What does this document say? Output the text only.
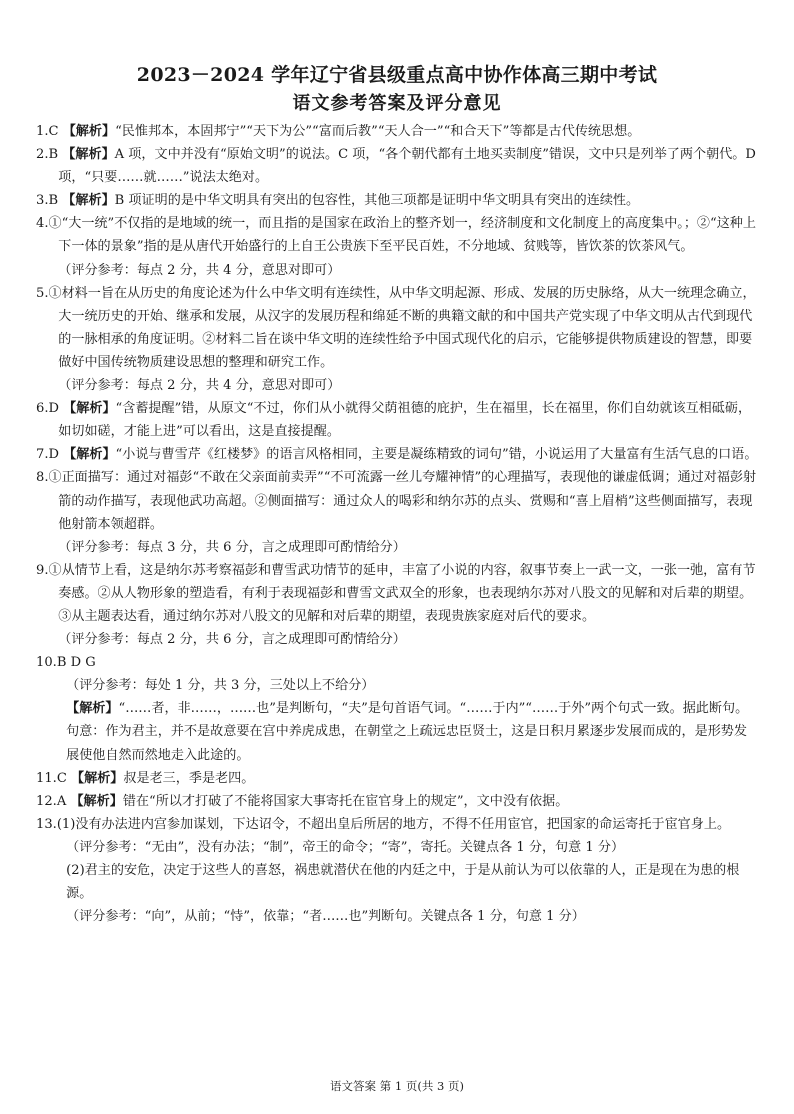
2023－2024 学年辽宁省县级重点高中协作体高三期中考试
语文参考答案及评分意见

1.C 【解析】“民惟邦本，本固邦宁”“天下为公”“富而后教”“天人合一”“和合天下”等都是古代传统思想。

2.B 【解析】A 项，文中并没有“原始文明”的说法。C 项，“各个朝代都有土地买卖制度”错误，文中只是列举了两个朝代。D 项，“只要……就……”说法太绝对。

3.B 【解析】B 项证明的是中华文明具有突出的包容性，其他三项都是证明中华文明具有突出的连续性。

4.①“大一统”不仅指的是地域的统一，而且指的是国家在政治上的整齐划一，经济制度和文化制度上的高度集中。；②“这种上下一体的景象”指的是从唐代开始盛行的上自王公贵族下至平民百姓，不分地域、贫贱等，皆饮茶的饮茶风气。

（评分参考：每点 2 分，共 4 分，意思对即可）

5.①材料一旨在从历史的角度论述为什么中华文明有连续性，从中华文明起源、形成、发展的历史脉络，从大一统理念确立，大一统历史的开始、继承和发展，从汉字的发展历程和绵延不断的典籍文献的和中国共产党实现了中华文明从古代到现代的一脉相承的角度证明。②材料二旨在谈中华文明的连续性给予中国式现代化的启示，它能够提供物质建设的智慧，即要做好中国传统物质建设思想的整理和研究工作。

（评分参考：每点 2 分，共 4 分，意思对即可）

6.D 【解析】“含蓄提醒”错，从原文“不过，你们从小就得父荫祖德的庇护，生在福里，长在福里，你们自幼就该互相砥砺，如切如磋，才能上进”可以看出，这是直接提醒。

7.D 【解析】“小说与曹雪芹《红楼梦》的语言风格相同，主要是凝练精致的词句”错，小说运用了大量富有生活气息的口语。

8.①正面描写：通过对福彭“不敢在父亲面前卖弄”“不可流露一丝儿夸耀神情”的心理描写，表现他的谦虚低调；通过对福彭射箭的动作描写，表现他武功高超。②侧面描写：通过众人的喝彩和纳尔苏的点头、赏赐和“喜上眉梢”这些侧面描写，表现他射箭本领超群。

（评分参考：每点 3 分，共 6 分，言之成理即可酌情给分）

9.①从情节上看，这是纳尔苏考察福彭和曹雪武功情节的延申，丰富了小说的内容，叙事节奏上一武一文，一张一弛，富有节奏感。②从人物形象的塑造看，有利于表现福彭和曹雪文武双全的形象，也表现纳尔苏对八股文的见解和对后辈的期望。③从主题表达看，通过纳尔苏对八股文的见解和对后辈的期望，表现贵族家庭对后代的要求。

（评分参考：每点 2 分，共 6 分，言之成理即可酌情给分）

10.B D G

（评分参考：每处 1 分，共 3 分，三处以上不给分）

【解析】“……者，非……，……也”是判断句，“夫”是句首语气词。“……于内”“……于外”两个句式一致。据此断句。句意：作为君主，并不是故意要在宫中养虎成患，在朝堂之上疏远忠臣贤士，这是日积月累逐步发展而成的，是形势发展使他自然而然地走入此途的。

11.C 【解析】叔是老三，季是老四。

12.A 【解析】错在“所以才打破了不能将国家大事寄托在宦官身上的规定”，文中没有依据。

13.(1)没有办法进内宫参加谋划，下达诏令，不超出皇后所居的地方，不得不任用宦官，把国家的命运寄托于宦官身上。

（评分参考：“无由”，没有办法；“制”，帝王的命令；“寄”，寄托。关键点各 1 分，句意 1 分）

(2)君主的安危，决定于这些人的喜怒，祸患就潜伏在他的内廷之中，于是从前认为可以依靠的人，正是现在为患的根源。

（评分参考：“向”，从前；“恃”，依靠；“者……也”判断句。关键点各 1 分，句意 1 分）

语文答案 第 1 页(共 3 页)
